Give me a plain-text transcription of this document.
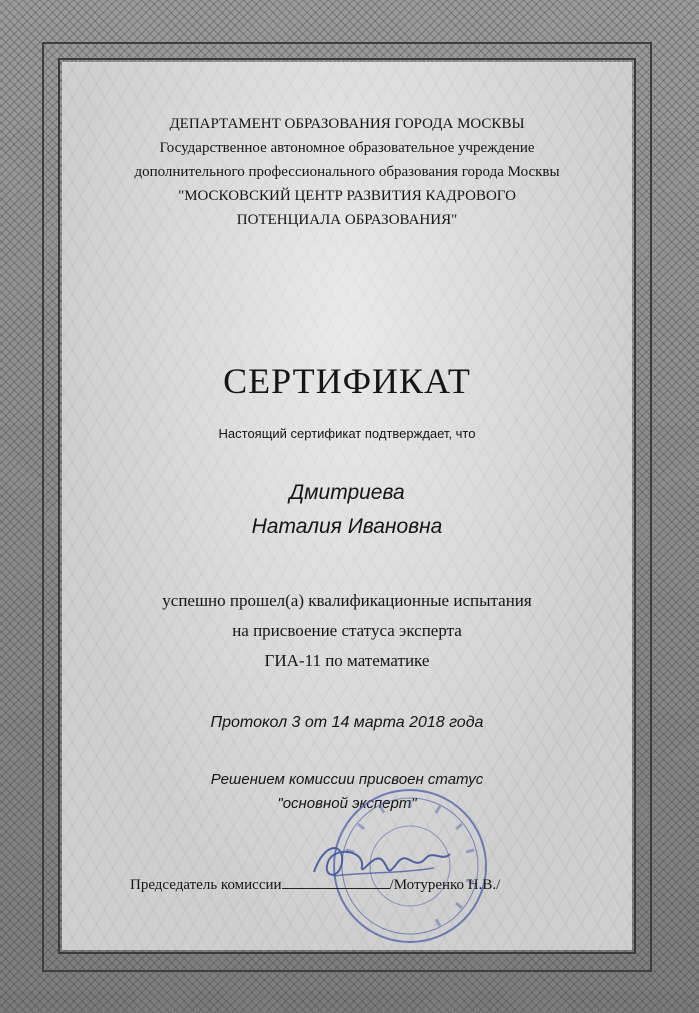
ДЕПАРТАМЕНТ ОБРАЗОВАНИЯ ГОРОДА МОСКВЫ
Государственное автономное образовательное учреждение
дополнительного профессионального образования города Москвы
"МОСКОВСКИЙ ЦЕНТР РАЗВИТИЯ КАДРОВОГО
ПОТЕНЦИАЛА ОБРАЗОВАНИЯ"
СЕРТИФИКАТ
Настоящий сертификат подтверждает, что
Дмитриева
Наталия Ивановна
успешно прошел(а) квалификационные испытания
на присвоение статуса эксперта
ГИА-11 по математике
Протокол 3 от 14 марта 2018 года
Решением комиссии присвоен статус
"основной эксперт"
Председатель комиссии	/Мотуренко Н.В./
